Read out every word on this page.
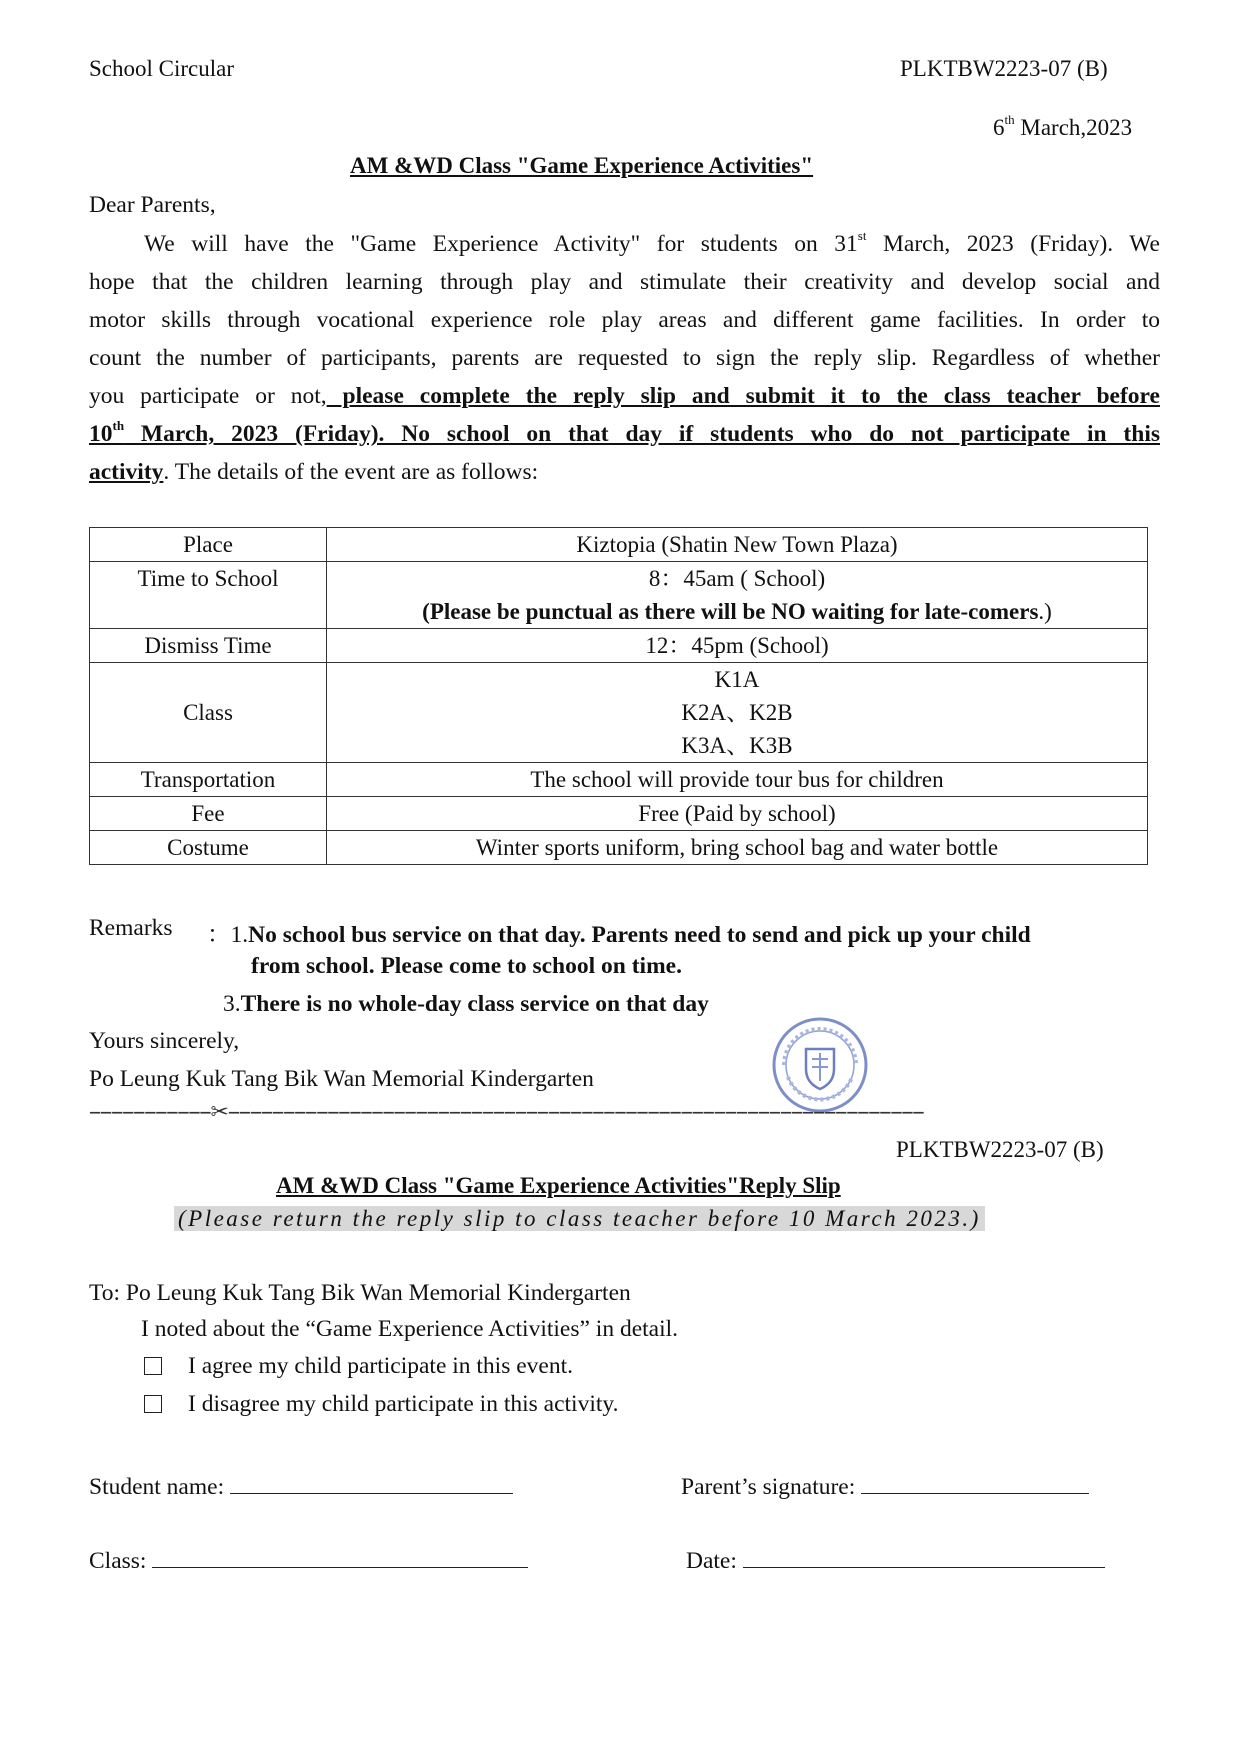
School Circular	PLKTBW2223-07 (B)
6th March,2023
AM &WD Class "Game Experience Activities"
Dear Parents,
We will have the "Game Experience Activity" for students on 31st March, 2023 (Friday). We
hope that the children learning through play and stimulate their creativity and develop social and
motor skills through vocational experience role play areas and different game facilities. In order to
count the number of participants, parents are requested to sign the reply slip. Regardless of whether
you participate or not, please complete the reply slip and submit it to the class teacher before
10th March, 2023 (Friday). No school on that day if students who do not participate in this
activity. The details of the event are as follows:
Place	Kiztopia (Shatin New Town Plaza)
Time to School	8：45am ( School)
(Please be punctual as there will be NO waiting for late-comers.)

Dismiss Time	12：45pm (School)
Class	K1A
K2A、K2B
K3A、K3B

Transportation	The school will provide tour bus for children
Fee	Free (Paid by school)
Costume	Winter sports uniform, bring school bag and water bottle
Remarks ：1.No school bus service on that day. Parents need to send and pick up your child
from school. Please come to school on time.
3.There is no whole-day class service on that day
Yours sincerely,
Po Leung Kuk Tang Bik Wan Memorial Kindergarten
−−−−−−−−−−−✂−−−−−−−−−−−−−−−−−−−−−−−−−−−−−−−−−−−−−−−−−−−−−−−−−−−−−−−−−−−−−−−
PLKTBW2223-07 (B)
AM &WD Class "Game Experience Activities"Reply Slip
(Please return the reply slip to class teacher before 10 March 2023.)
To: Po Leung Kuk Tang Bik Wan Memorial Kindergarten
I noted about the “Game Experience Activities” in detail.
I agree my child participate in this event.
I disagree my child participate in this activity.
Student name:	Parent’s signature:
Class:	Date:
